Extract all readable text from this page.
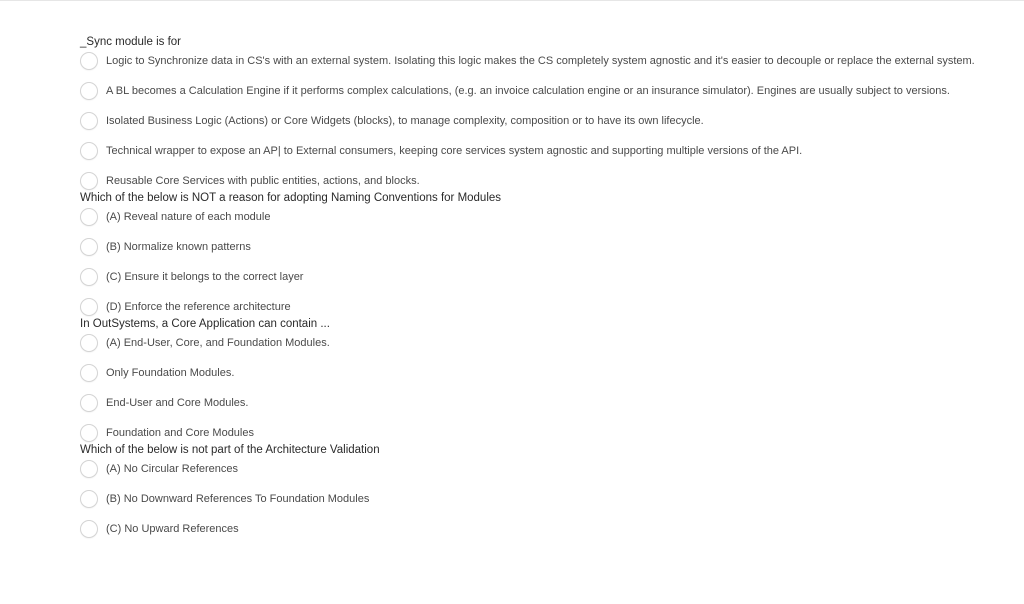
_Sync module is for
Logic to Synchronize data in CS's with an external system. Isolating this logic makes the CS completely system agnostic and it's easier to decouple or replace the external system.
A BL becomes a Calculation Engine if it performs complex calculations, (e.g. an invoice calculation engine or an insurance simulator). Engines are usually subject to versions.
Isolated Business Logic (Actions) or Core Widgets (blocks), to manage complexity, composition or to have its own lifecycle.
Technical wrapper to expose an AP| to External consumers, keeping core services system agnostic and supporting multiple versions of the API.
Reusable Core Services with public entities, actions, and blocks.
Which of the below is NOT a reason for adopting Naming Conventions for Modules
(A) Reveal nature of each module
(B) Normalize known patterns
(C) Ensure it belongs to the correct layer
(D) Enforce the reference architecture
In OutSystems, a Core Application can contain ...
(A) End-User, Core, and Foundation Modules.
Only Foundation Modules.
End-User and Core Modules.
Foundation and Core Modules
Which of the below is not part of the Architecture Validation
(A) No Circular References
(B) No Downward References To Foundation Modules
(C) No Upward References
